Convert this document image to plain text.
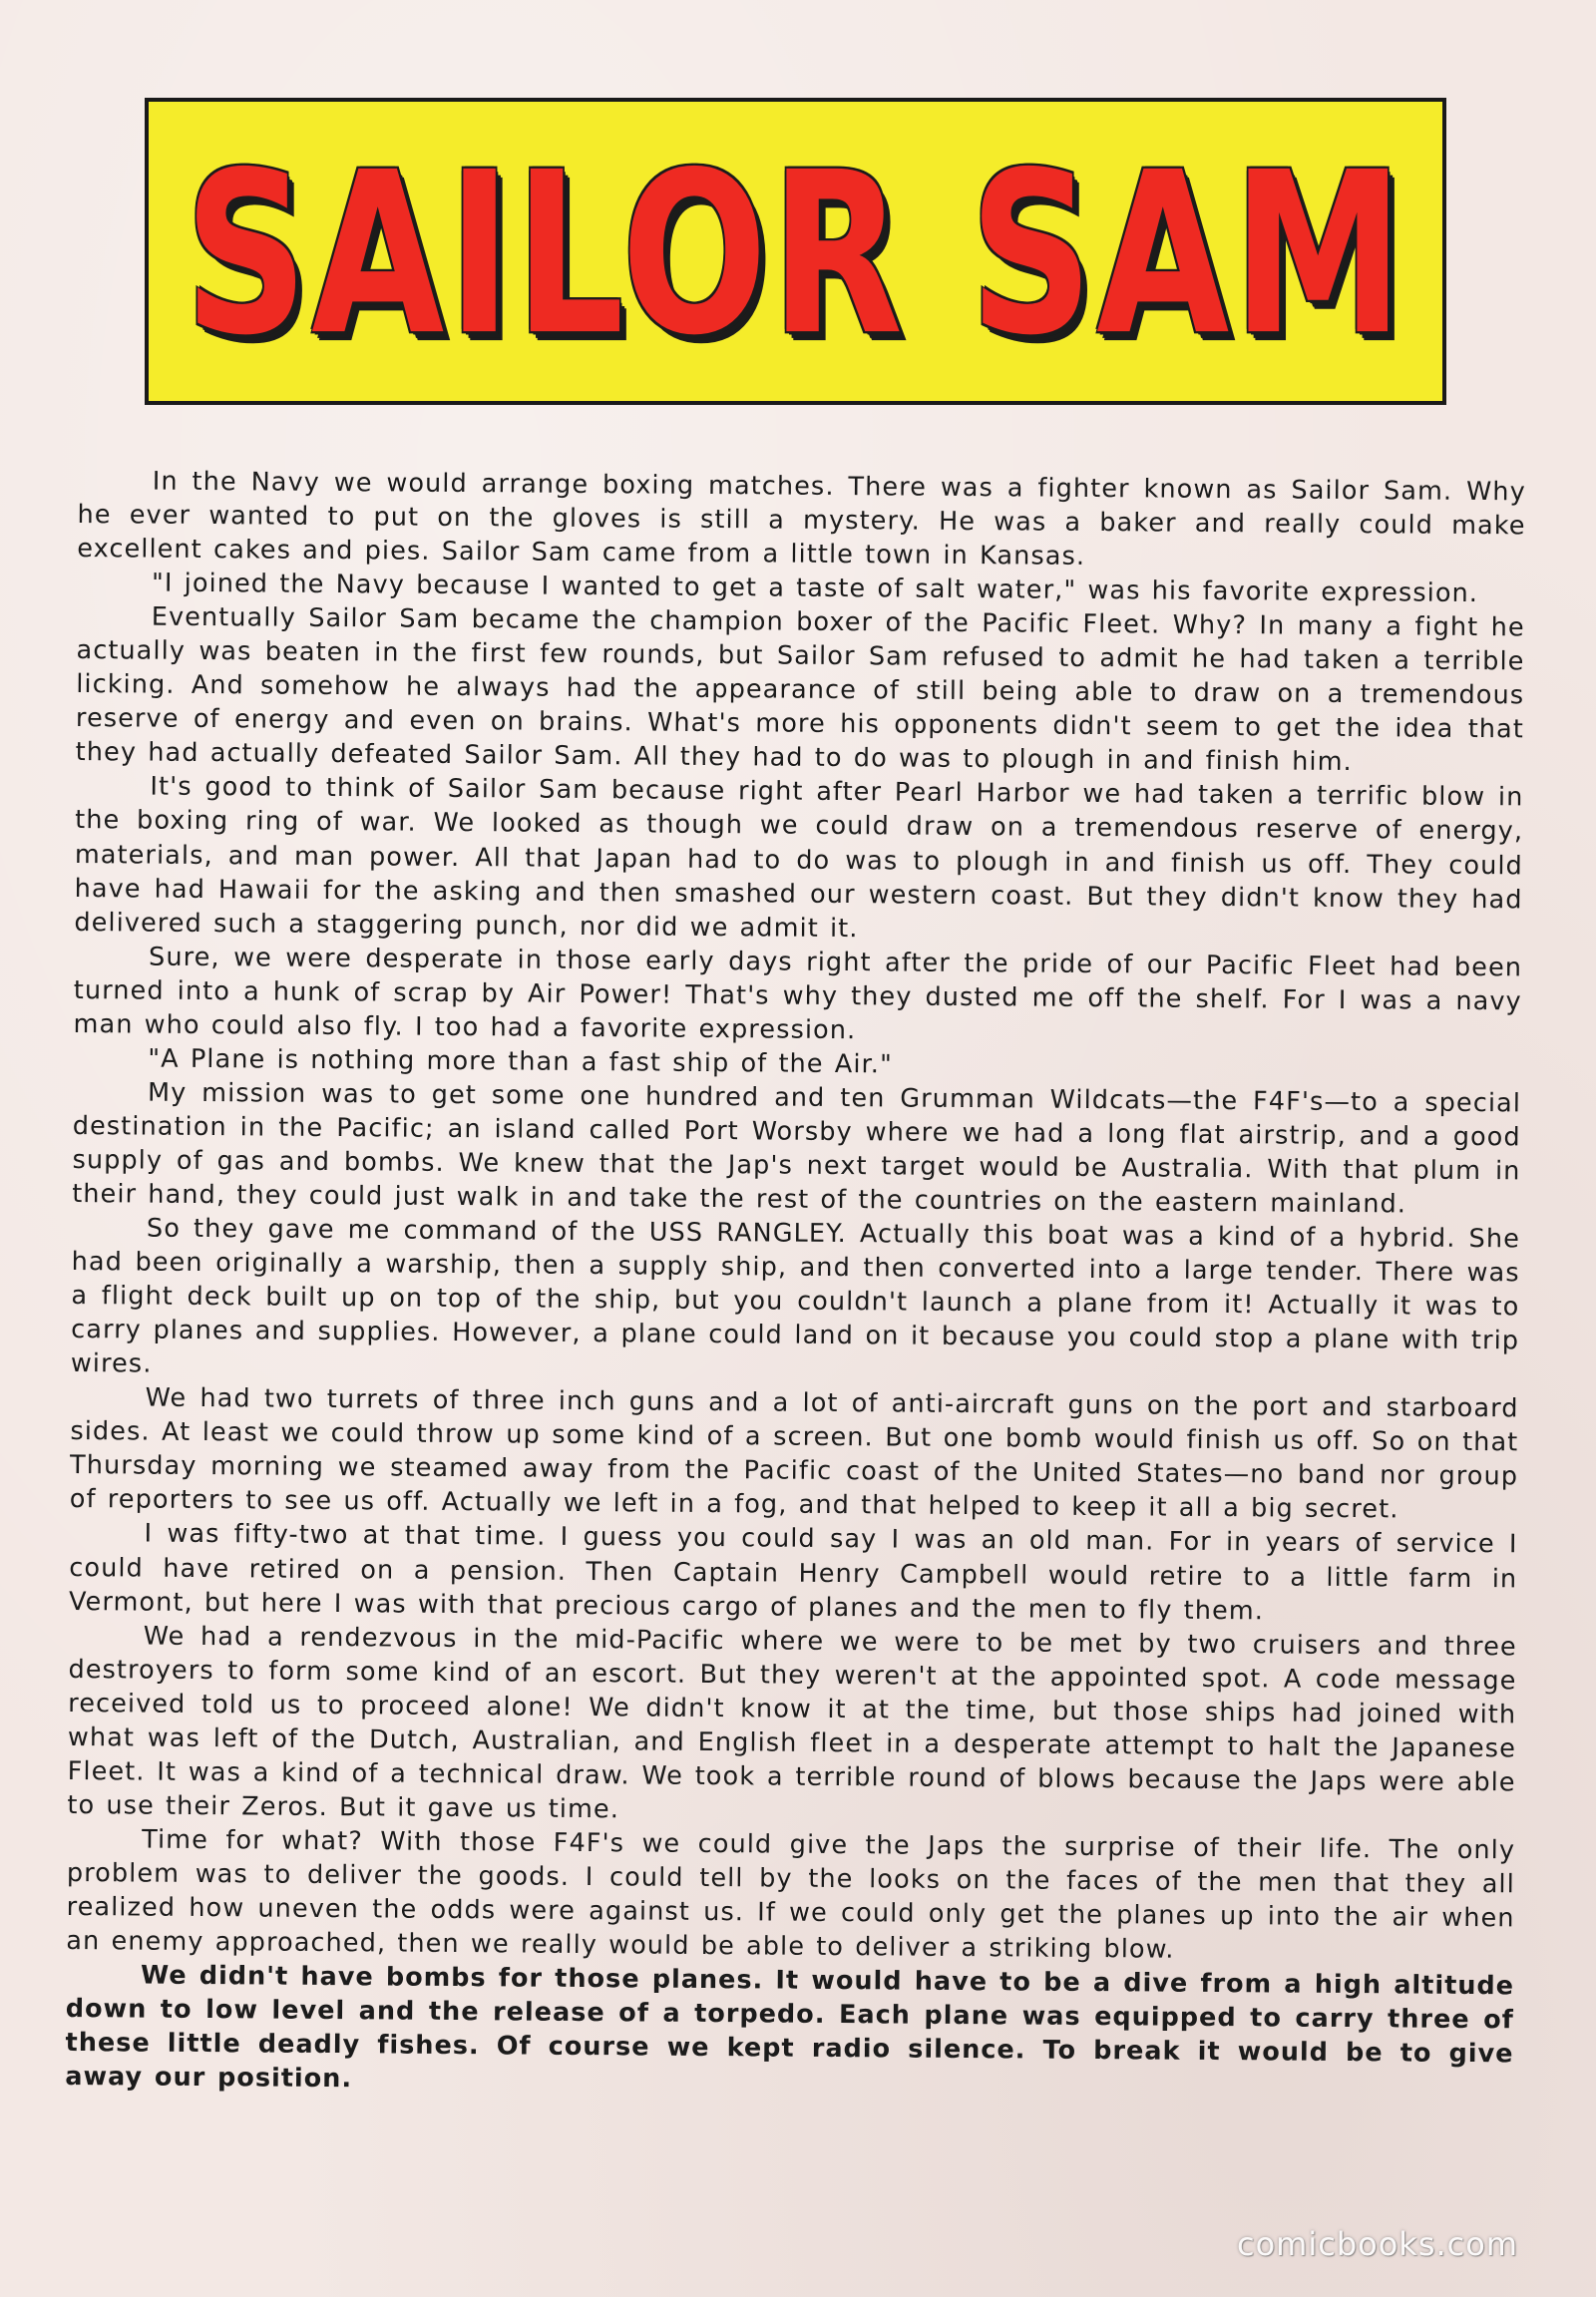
SAILOR SAM

In the Navy we would arrange boxing matches. There was a fighter known as Sailor Sam. Why he ever wanted to put on the gloves is still a mystery. He was a baker and really could make excellent cakes and pies. Sailor Sam came from a little town in Kansas.

"I joined the Navy because I wanted to get a taste of salt water," was his favorite expression.

Eventually Sailor Sam became the champion boxer of the Pacific Fleet. Why? In many a fight he actually was beaten in the first few rounds, but Sailor Sam refused to admit he had taken a terrible licking. And somehow he always had the appearance of still being able to draw on a tremendous reserve of energy and even on brains. What's more his opponents didn't seem to get the idea that they had actually defeated Sailor Sam. All they had to do was to plough in and finish him.

It's good to think of Sailor Sam because right after Pearl Harbor we had taken a terrific blow in the boxing ring of war. We looked as though we could draw on a tremendous reserve of energy, materials, and man power. All that Japan had to do was to plough in and finish us off. They could have had Hawaii for the asking and then smashed our western coast. But they didn't know they had delivered such a staggering punch, nor did we admit it.

Sure, we were desperate in those early days right after the pride of our Pacific Fleet had been turned into a hunk of scrap by Air Power! That's why they dusted me off the shelf. For I was a navy man who could also fly. I too had a favorite expression.

"A Plane is nothing more than a fast ship of the Air."

My mission was to get some one hundred and ten Grumman Wildcats—the F4F's—to a special destination in the Pacific; an island called Port Worsby where we had a long flat airstrip, and a good supply of gas and bombs. We knew that the Jap's next target would be Australia. With that plum in their hand, they could just walk in and take the rest of the countries on the eastern mainland.

So they gave me command of the USS RANGLEY. Actually this boat was a kind of a hybrid. She had been originally a warship, then a supply ship, and then converted into a large tender. There was a flight deck built up on top of the ship, but you couldn't launch a plane from it! Actually it was to carry planes and supplies. However, a plane could land on it because you could stop a plane with trip wires.

We had two turrets of three inch guns and a lot of anti-aircraft guns on the port and starboard sides. At least we could throw up some kind of a screen. But one bomb would finish us off. So on that Thursday morning we steamed away from the Pacific coast of the United States—no band nor group of reporters to see us off. Actually we left in a fog, and that helped to keep it all a big secret.

I was fifty-two at that time. I guess you could say I was an old man. For in years of service I could have retired on a pension. Then Captain Henry Campbell would retire to a little farm in Vermont, but here I was with that precious cargo of planes and the men to fly them.

We had a rendezvous in the mid-Pacific where we were to be met by two cruisers and three destroyers to form some kind of an escort. But they weren't at the appointed spot. A code message received told us to proceed alone! We didn't know it at the time, but those ships had joined with what was left of the Dutch, Australian, and English fleet in a desperate attempt to halt the Japanese Fleet. It was a kind of a technical draw. We took a terrible round of blows because the Japs were able to use their Zeros. But it gave us time.

Time for what? With those F4F's we could give the Japs the surprise of their life. The only problem was to deliver the goods. I could tell by the looks on the faces of the men that they all realized how uneven the odds were against us. If we could only get the planes up into the air when an enemy approached, then we really would be able to deliver a striking blow.

We didn't have bombs for those planes. It would have to be a dive from a high altitude down to low level and the release of a torpedo. Each plane was equipped to carry three of these little deadly fishes. Of course we kept radio silence. To break it would be to give away our position.

comicbooks.com
